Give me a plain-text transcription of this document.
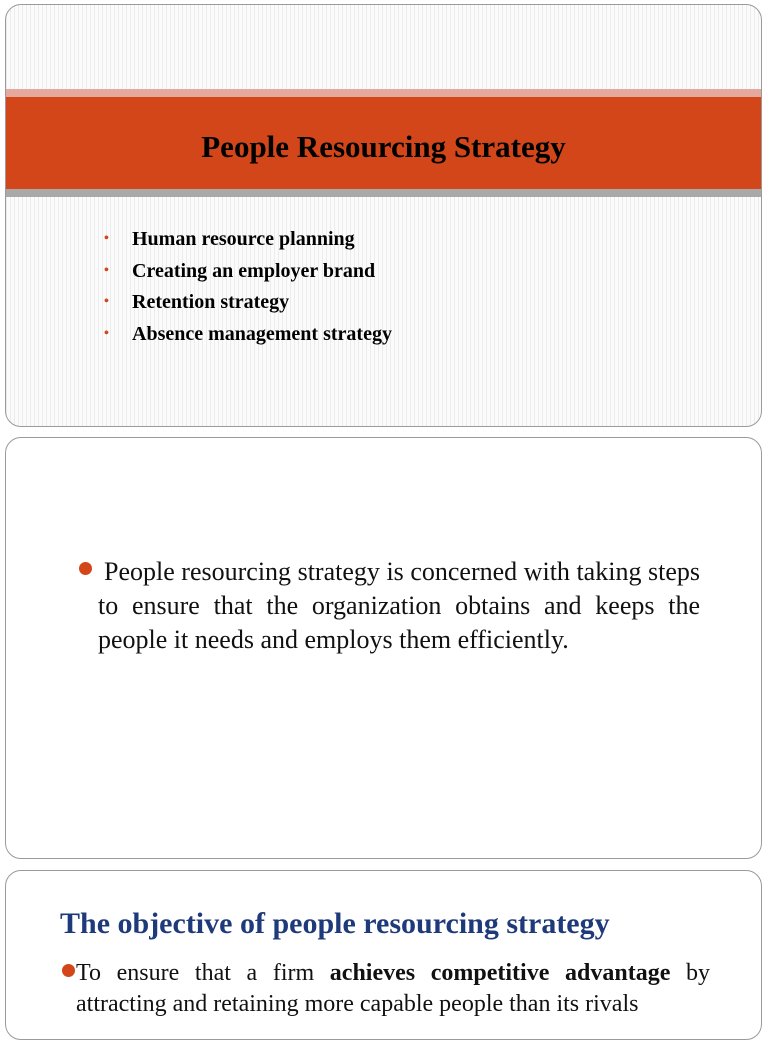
People Resourcing Strategy
• Human resource planning
• Creating an employer brand
• Retention strategy
• Absence management strategy

People resourcing strategy is concerned with taking steps to ensure that the organization obtains and keeps the people it needs and employs them efficiently.

The objective of people resourcing strategy

To ensure that a firm achieves competitive advantage by attracting and retaining more capable people than its rivals
